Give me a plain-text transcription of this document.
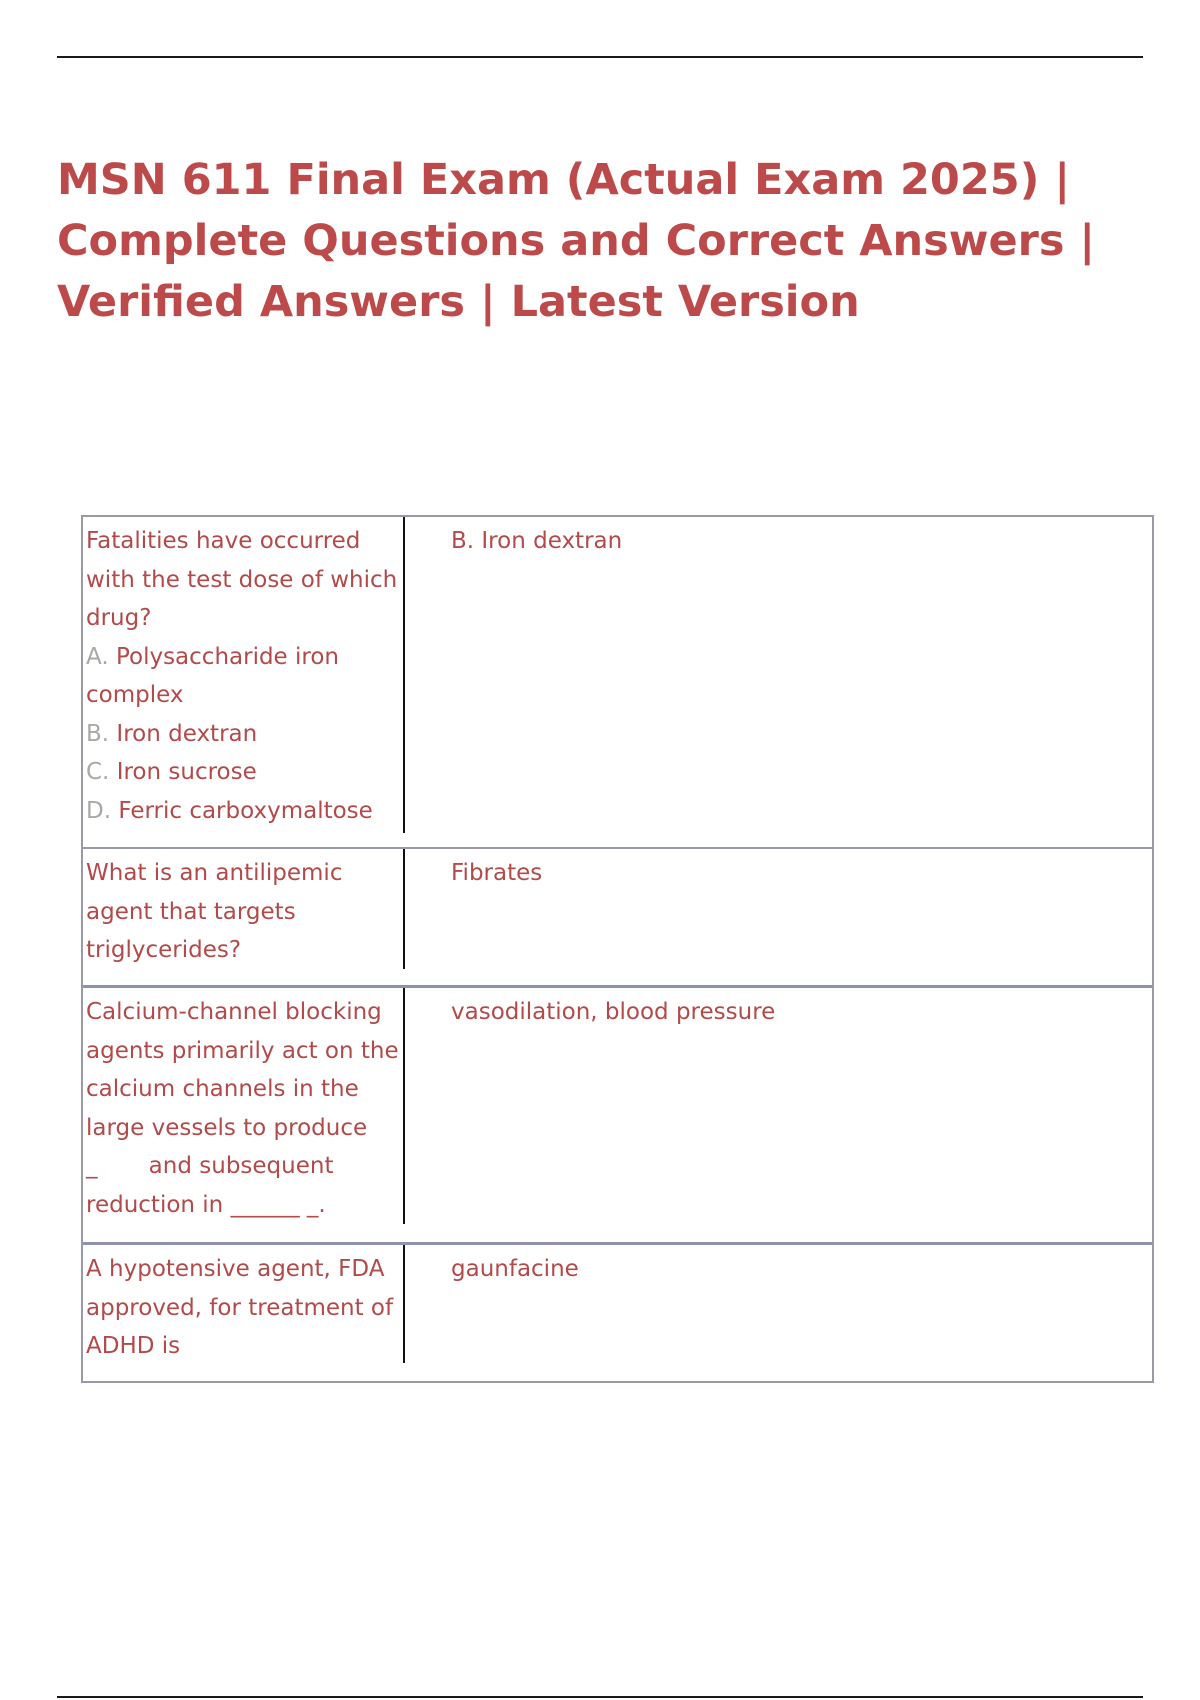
MSN 611 Final Exam (Actual Exam 2025) | Complete Questions and Correct Answers | Verified Answers | Latest Version
Fatalities have occurred with the test dose of which drug?
A. Polysaccharide iron complex
B. Iron dextran
C. Iron sucrose
D. Ferric carboxymaltose
B. Iron dextran
What is an antilipemic agent that targets triglycerides?
Fibrates
Calcium-channel blocking
agents primarily act on the
calcium channels in the
large vessels to produce
_       and subsequent
reduction in ______ _.
vasodilation, blood pressure
A hypotensive agent, FDA approved, for treatment of ADHD is
gaunfacine
